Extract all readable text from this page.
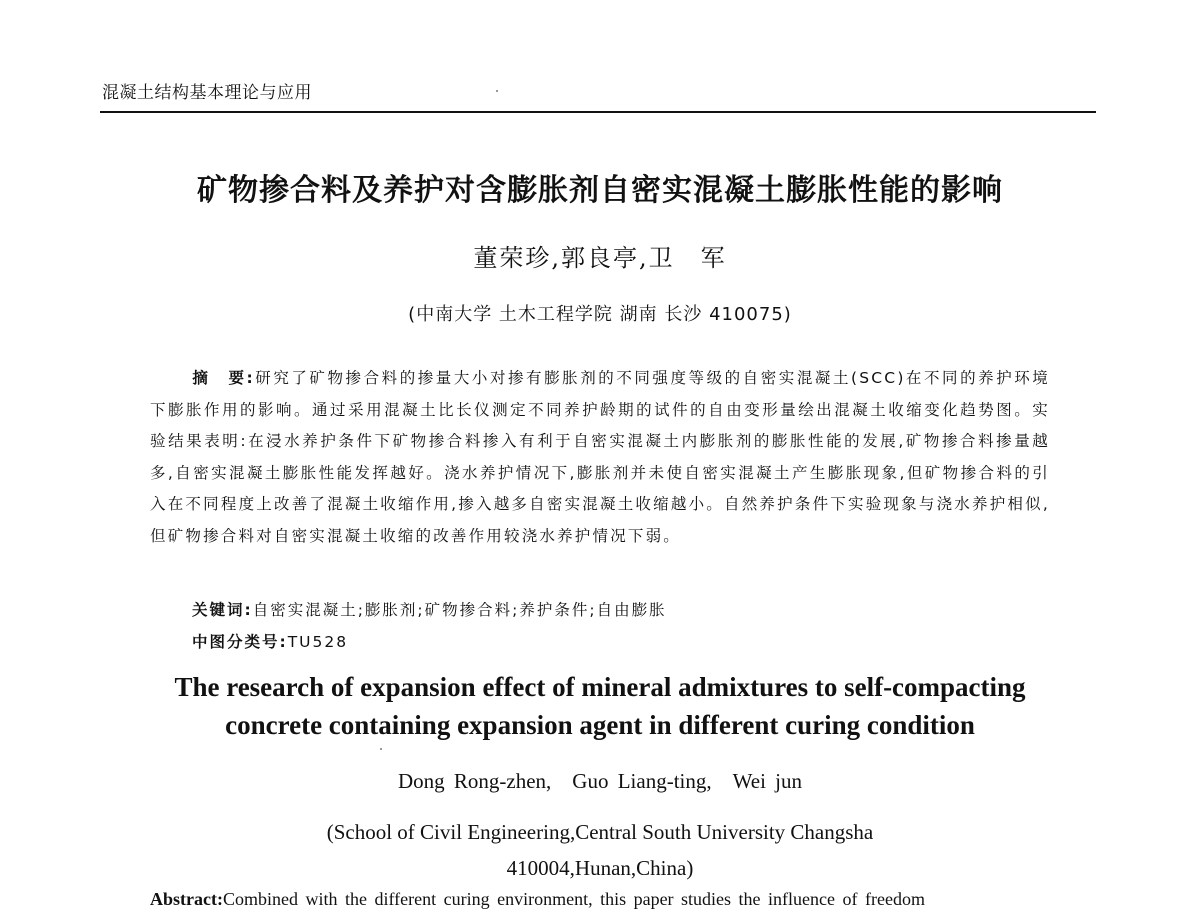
混凝土结构基本理论与应用
矿物掺合料及养护对含膨胀剂自密实混凝土膨胀性能的影响
董荣珍,郭良亭,卫　军
(中南大学 土木工程学院 湖南 长沙 410075)
摘　要:研究了矿物掺合料的掺量大小对掺有膨胀剂的不同强度等级的自密实混凝土(SCC)在不同的养护环境下膨胀作用的影响。通过采用混凝土比长仪测定不同养护龄期的试件的自由变形量绘出混凝土收缩变化趋势图。实验结果表明:在浸水养护条件下矿物掺合料掺入有利于自密实混凝土内膨胀剂的膨胀性能的发展,矿物掺合料掺量越多,自密实混凝土膨胀性能发挥越好。浇水养护情况下,膨胀剂并未使自密实混凝土产生膨胀现象,但矿物掺合料的引入在不同程度上改善了混凝土收缩作用,掺入越多自密实混凝土收缩越小。自然养护条件下实验现象与浇水养护相似,但矿物掺合料对自密实混凝土收缩的改善作用较浇水养护情况下弱。
关键词:自密实混凝土;膨胀剂;矿物掺合料;养护条件;自由膨胀
中图分类号:TU528
The research of expansion effect of mineral admixtures to self-compacting
concrete containing expansion agent in different curing condition
Dong Rong-zhen,　Guo Liang-ting,　Wei jun
(School of Civil Engineering,Central South University Changsha
410004,Hunan,China)
Abstract:Combined with the different curing environment, this paper studies the influence of freedom
